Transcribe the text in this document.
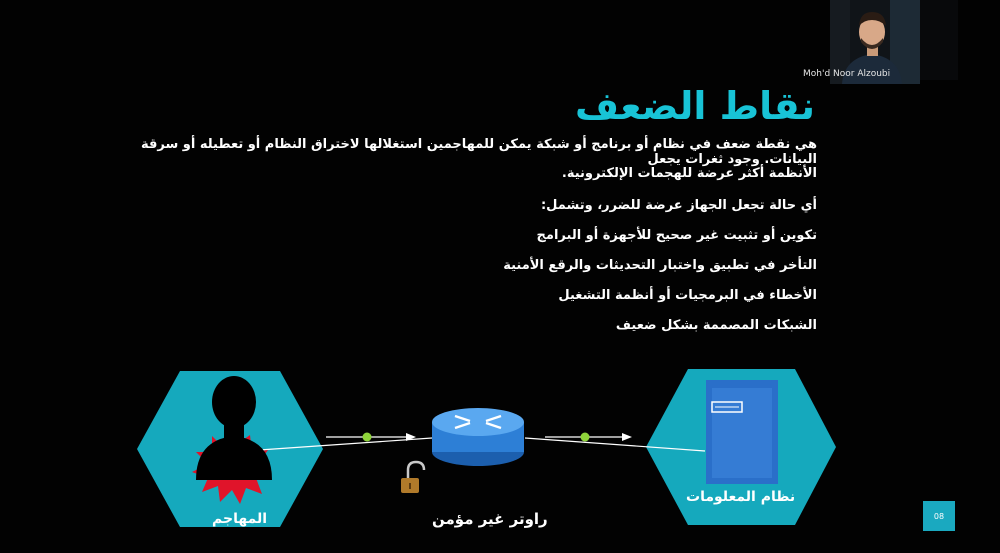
نقاط الضعف
هي نقطة ضعف في نظام أو برنامج أو شبكة يمكن للمهاجمين استغلالها لاختراق النظام أو تعطيله أو سرقة البيانات. وجود ثغرات يجعل
الأنظمة أكثر عرضة للهجمات الإلكترونية.
أي حالة تجعل الجهاز عرضة للضرر، وتشمل:
تكوين أو تثبيت غير صحيح للأجهزة أو البرامج
التأخر في تطبيق واختبار التحديثات والرقع الأمنية
الأخطاء في البرمجيات أو أنظمة التشغيل
الشبكات المصممة بشكل ضعيف
المهاجم	راوتر غير مؤمن
نظام المعلومات
08
Moh'd Noor Alzoubi
